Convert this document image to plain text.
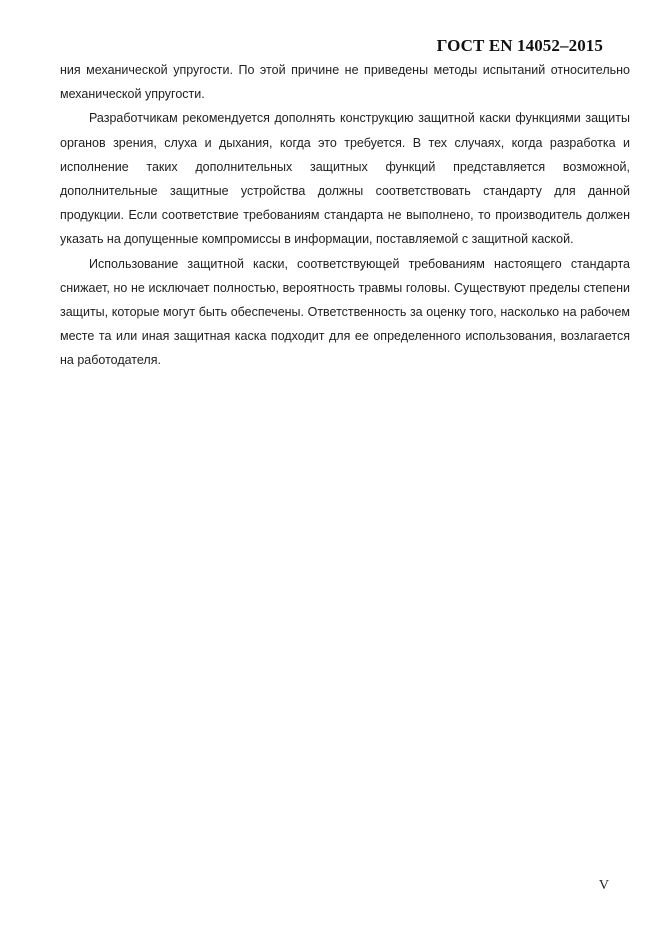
ГОСТ EN 14052–2015

ния механической упругости. По этой причине не приведены методы испытаний относительно механической упругости.

Разработчикам рекомендуется дополнять конструкцию защитной каски функциями защиты органов зрения, слуха и дыхания, когда это требуется. В тех случаях, когда разработка и исполнение таких дополнительных защитных функций представляется возможной, дополнительные защитные устройства должны соответствовать стандарту для данной продукции. Если соответствие требованиям стандарта не выполнено, то производитель должен указать на допущенные компромиссы в информации, поставляемой с защитной каской.

Использование защитной каски, соответствующей требованиям настоящего стандарта снижает, но не исключает полностью, вероятность травмы головы. Существуют пределы степени защиты, которые могут быть обеспечены. Ответственность за оценку того, насколько на рабочем месте та или иная защитная каска подходит для ее определенного использования, возлагается на работодателя.

V
